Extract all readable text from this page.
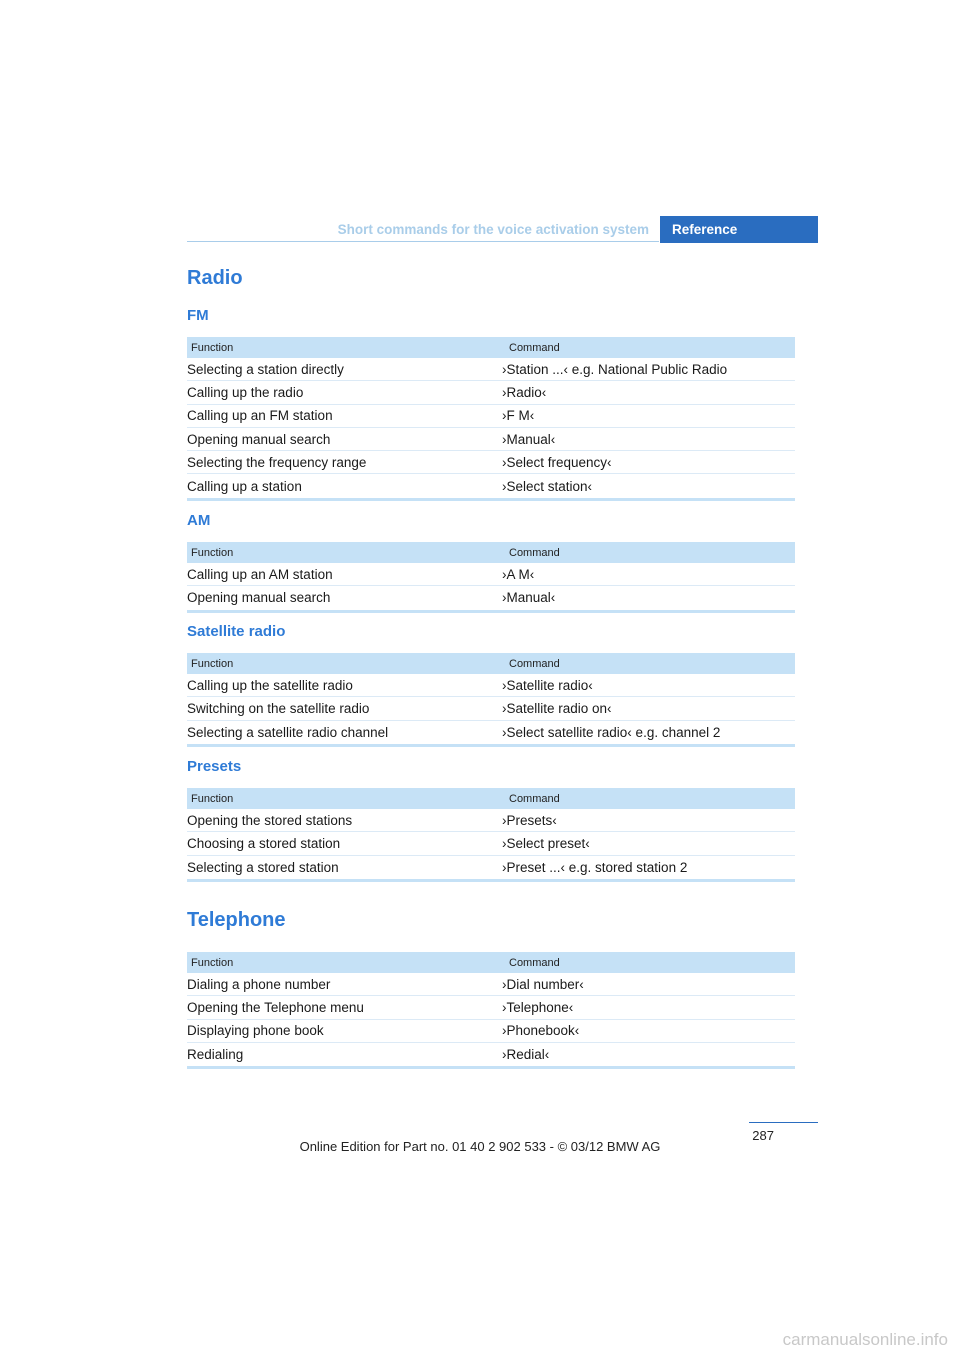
Short commands for the voice activation system	Reference
Radio
FM
Function	Command
Selecting a station directly	›Station ...‹ e.g. National Public Radio
Calling up the radio	›Radio‹
Calling up an FM station	›F M‹
Opening manual search	›Manual‹
Selecting the frequency range	›Select frequency‹
Calling up a station	›Select station‹
AM
Function	Command
Calling up an AM station	›A M‹
Opening manual search	›Manual‹
Satellite radio
Function	Command
Calling up the satellite radio	›Satellite radio‹
Switching on the satellite radio	›Satellite radio on‹
Selecting a satellite radio channel	›Select satellite radio‹ e.g. channel 2
Presets
Function	Command
Opening the stored stations	›Presets‹
Choosing a stored station	›Select preset‹
Selecting a stored station	›Preset ...‹ e.g. stored station 2
Telephone
Function	Command
Dialing a phone number	›Dial number‹
Opening the Telephone menu	›Telephone‹
Displaying phone book	›Phonebook‹
Redialing	›Redial‹
287
Online Edition for Part no. 01 40 2 902 533 - © 03/12 BMW AG
carmanualsonline.info
